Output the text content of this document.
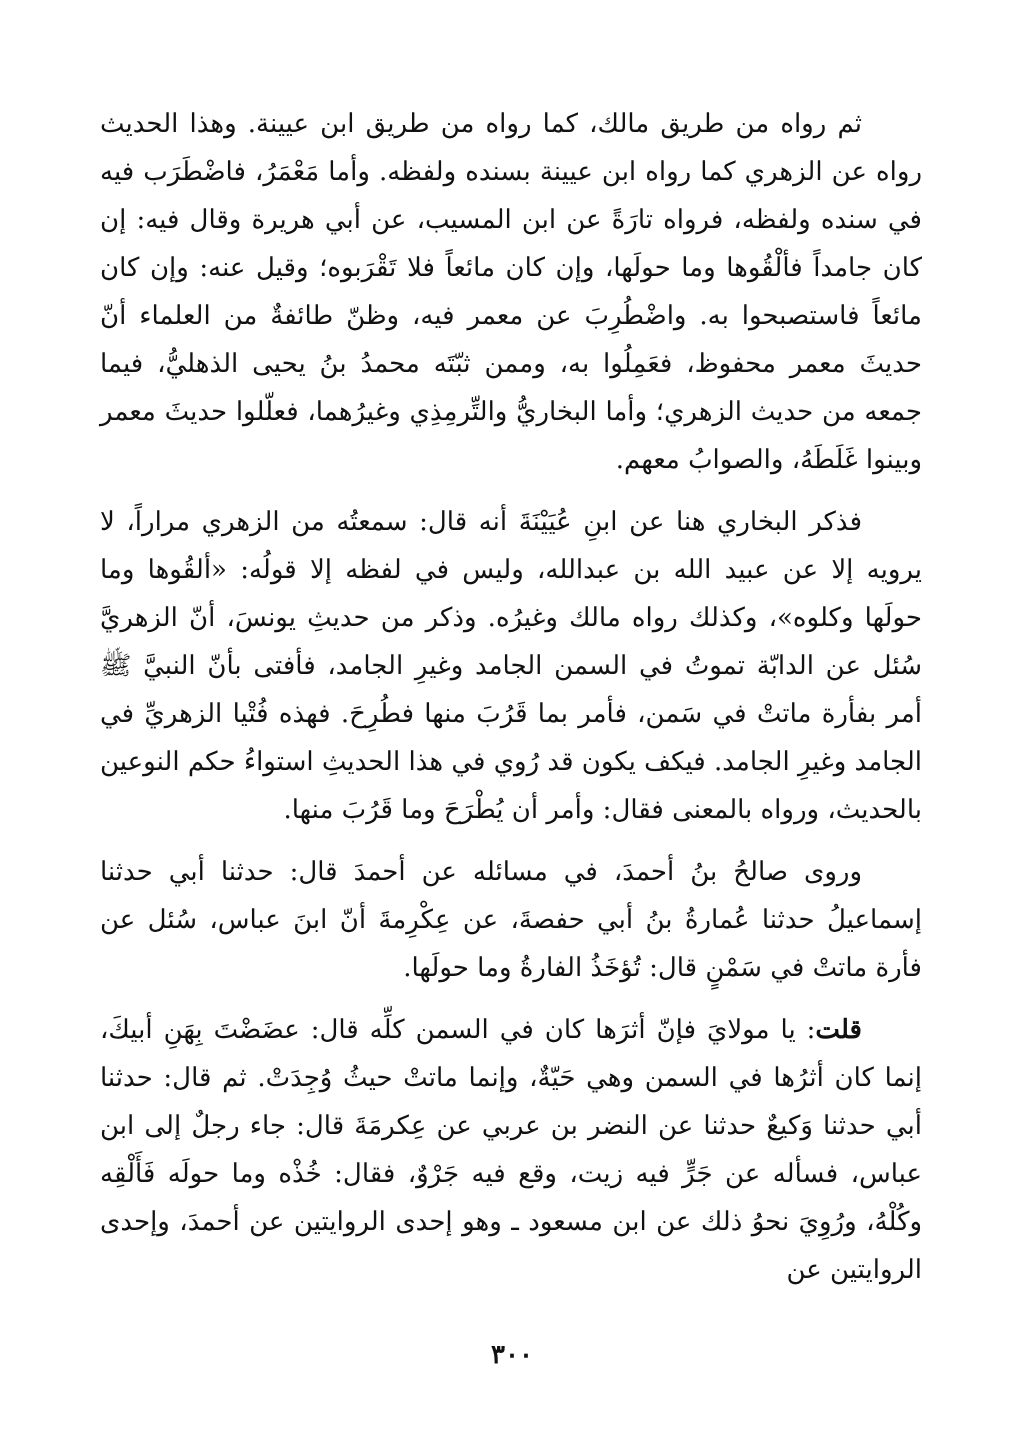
ثم رواه من طريق مالك، كما رواه من طريق ابن عيينة. وهذا الحديث رواه عن الزهري كما رواه ابن عيينة بسنده ولفظه. وأما مَعْمَرُ، فاضْطَرَب فيه في سنده ولفظه، فرواه تارَةً عن ابن المسيب، عن أبي هريرة وقال فيه: إن كان جامداً فألْقُوها وما حولَها، وإن كان مائعاً فلا تَقْرَبوه؛ وقيل عنه: وإن كان مائعاً فاستصبحوا به. واضْطُرِبَ عن معمر فيه، وظنّ طائفةٌ من العلماء أنّ حديثَ معمر محفوظ، فعَمِلُوا به، وممن ثبّتَه محمدُ بنُ يحيى الذهليُّ، فيما جمعه من حديث الزهري؛ وأما البخاريُّ والتِّرمِذِي وغيرُهما، فعلّلوا حديثَ معمر وبينوا غَلَطَهُ، والصوابُ معهم.

فذكر البخاري هنا عن ابنِ عُيَيْنَةَ أنه قال: سمعتُه من الزهري مراراً، لا يرويه إلا عن عبيد الله بن عبدالله، وليس في لفظه إلا قولُه: «ألقُوها وما حولَها وكلوه»، وكذلك رواه مالك وغيرُه. وذكر من حديثِ يونسَ، أنّ الزهريَّ سُئل عن الدابّة تموتُ في السمن الجامد وغيرِ الجامد، فأفتى بأنّ النبيَّ ﷺ أمر بفأرة ماتتْ في سَمن، فأمر بما قَرُبَ منها فطُرِحَ. فهذه فُتْيا الزهريِّ في الجامد وغيرِ الجامد. فيكف يكون قد رُوي في هذا الحديثِ استواءُ حكم النوعين بالحديث، ورواه بالمعنى فقال: وأمر أن يُطْرَحَ وما قَرُبَ منها.

وروى صالحُ بنُ أحمدَ، في مسائله عن أحمدَ قال: حدثنا أبي حدثنا إسماعيلُ حدثنا عُمارةُ بنُ أبي حفصةَ، عن عِكْرِمةَ أنّ ابنَ عباس، سُئل عن فأرة ماتتْ في سَمْنٍ قال: تُؤخَذُ الفارةُ وما حولَها.

قلت: يا مولايَ فإنّ أثرَها كان في السمن كلِّه قال: عضَضْتَ بِهَنِ أبيكَ، إنما كان أثرُها في السمن وهي حَيّةٌ، وإنما ماتتْ حيثُ وُجِدَتْ. ثم قال: حدثنا أبي حدثنا وَكيعٌ حدثنا عن النضر بن عربي عن عِكرمَةَ قال: جاء رجلٌ إلى ابن عباس، فسأله عن جَرٍّ فيه زيت، وقع فيه جَرْوٌ، فقال: خُذْه وما حولَه فَأَلْقِه وكُلْهُ، ورُوِيَ نحوُ ذلك عن ابن مسعود ـ وهو إحدى الروايتين عن أحمدَ، وإحدى الروايتين عن

٣٠٠
